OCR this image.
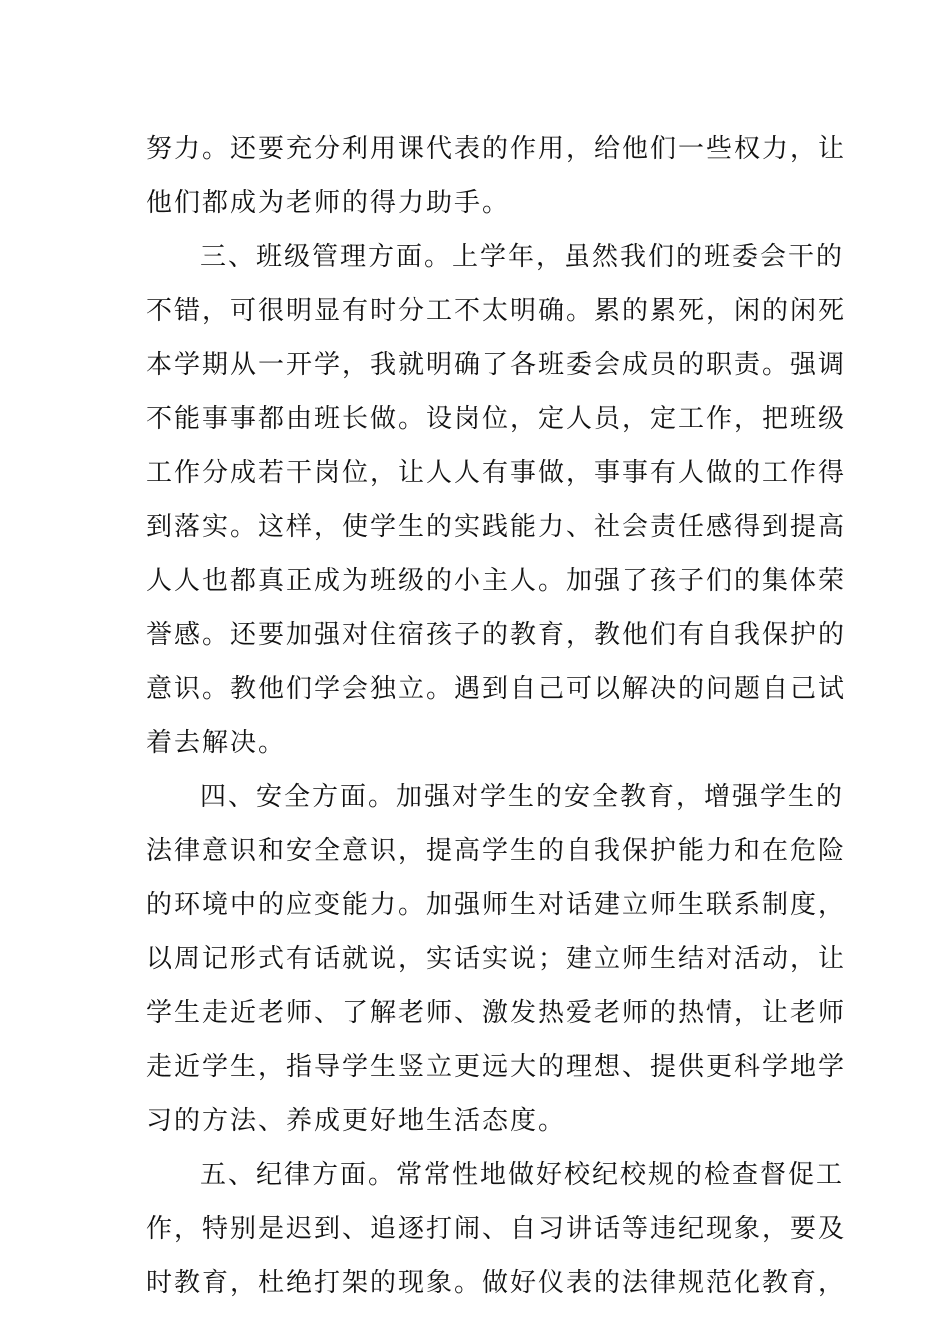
努力。还要充分利用课代表的作用，给他们一些权力，让
他们都成为老师的得力助手。
三、班级管理方面。上学年，虽然我们的班委会干的
不错，可很明显有时分工不太明确。累的累死，闲的闲死
本学期从一开学，我就明确了各班委会成员的职责。强调
不能事事都由班长做。设岗位，定人员，定工作，把班级
工作分成若干岗位，让人人有事做，事事有人做的工作得
到落实。这样，使学生的实践能力、社会责任感得到提高
人人也都真正成为班级的小主人。加强了孩子们的集体荣
誉感。还要加强对住宿孩子的教育，教他们有自我保护的
意识。教他们学会独立。遇到自己可以解决的问题自己试
着去解决。
四、安全方面。加强对学生的安全教育，增强学生的
法律意识和安全意识，提高学生的自我保护能力和在危险
的环境中的应变能力。加强师生对话建立师生联系制度，
以周记形式有话就说，实话实说；建立师生结对活动，让
学生走近老师、了解老师、激发热爱老师的热情，让老师
走近学生，指导学生竖立更远大的理想、提供更科学地学
习的方法、养成更好地生活态度。
五、纪律方面。常常性地做好校纪校规的检查督促工
作，特别是迟到、追逐打闹、自习讲话等违纪现象，要及
时教育，杜绝打架的现象。做好仪表的法律规范化教育，
